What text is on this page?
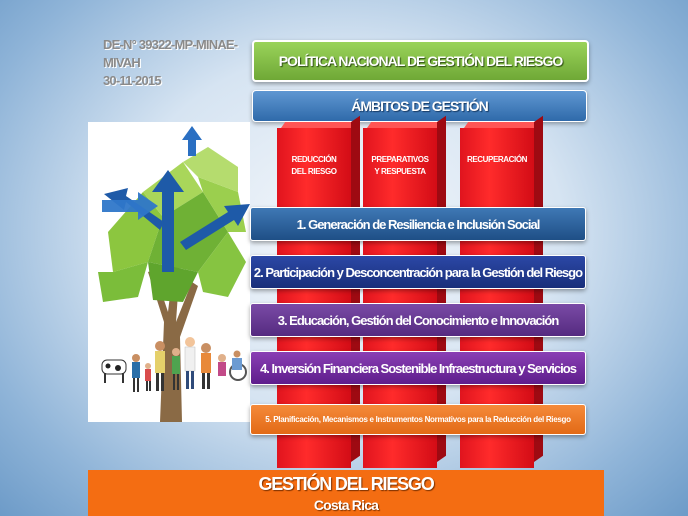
DE-N° 39322-MP-MINAE-
MIVAH
30-11-2015
POLÍTICA NACIONAL DE GESTIÓN DEL RIESGO
ÁMBITOS DE GESTIÓN
REDUCCIÓN
DEL RIESGO
PREPARATIVOS
Y RESPUESTA
RECUPERACIÓN
1. Generación de Resiliencia e Inclusión Social
2. Participación y Desconcentración para la Gestión del Riesgo
3. Educación, Gestión del Conocimiento e Innovación
4. Inversión Financiera Sostenible Infraestructura y Servicios
5. Planificación, Mecanismos e Instrumentos Normativos para la Reducción del Riesgo
GESTIÓN DEL RIESGO
Costa Rica
